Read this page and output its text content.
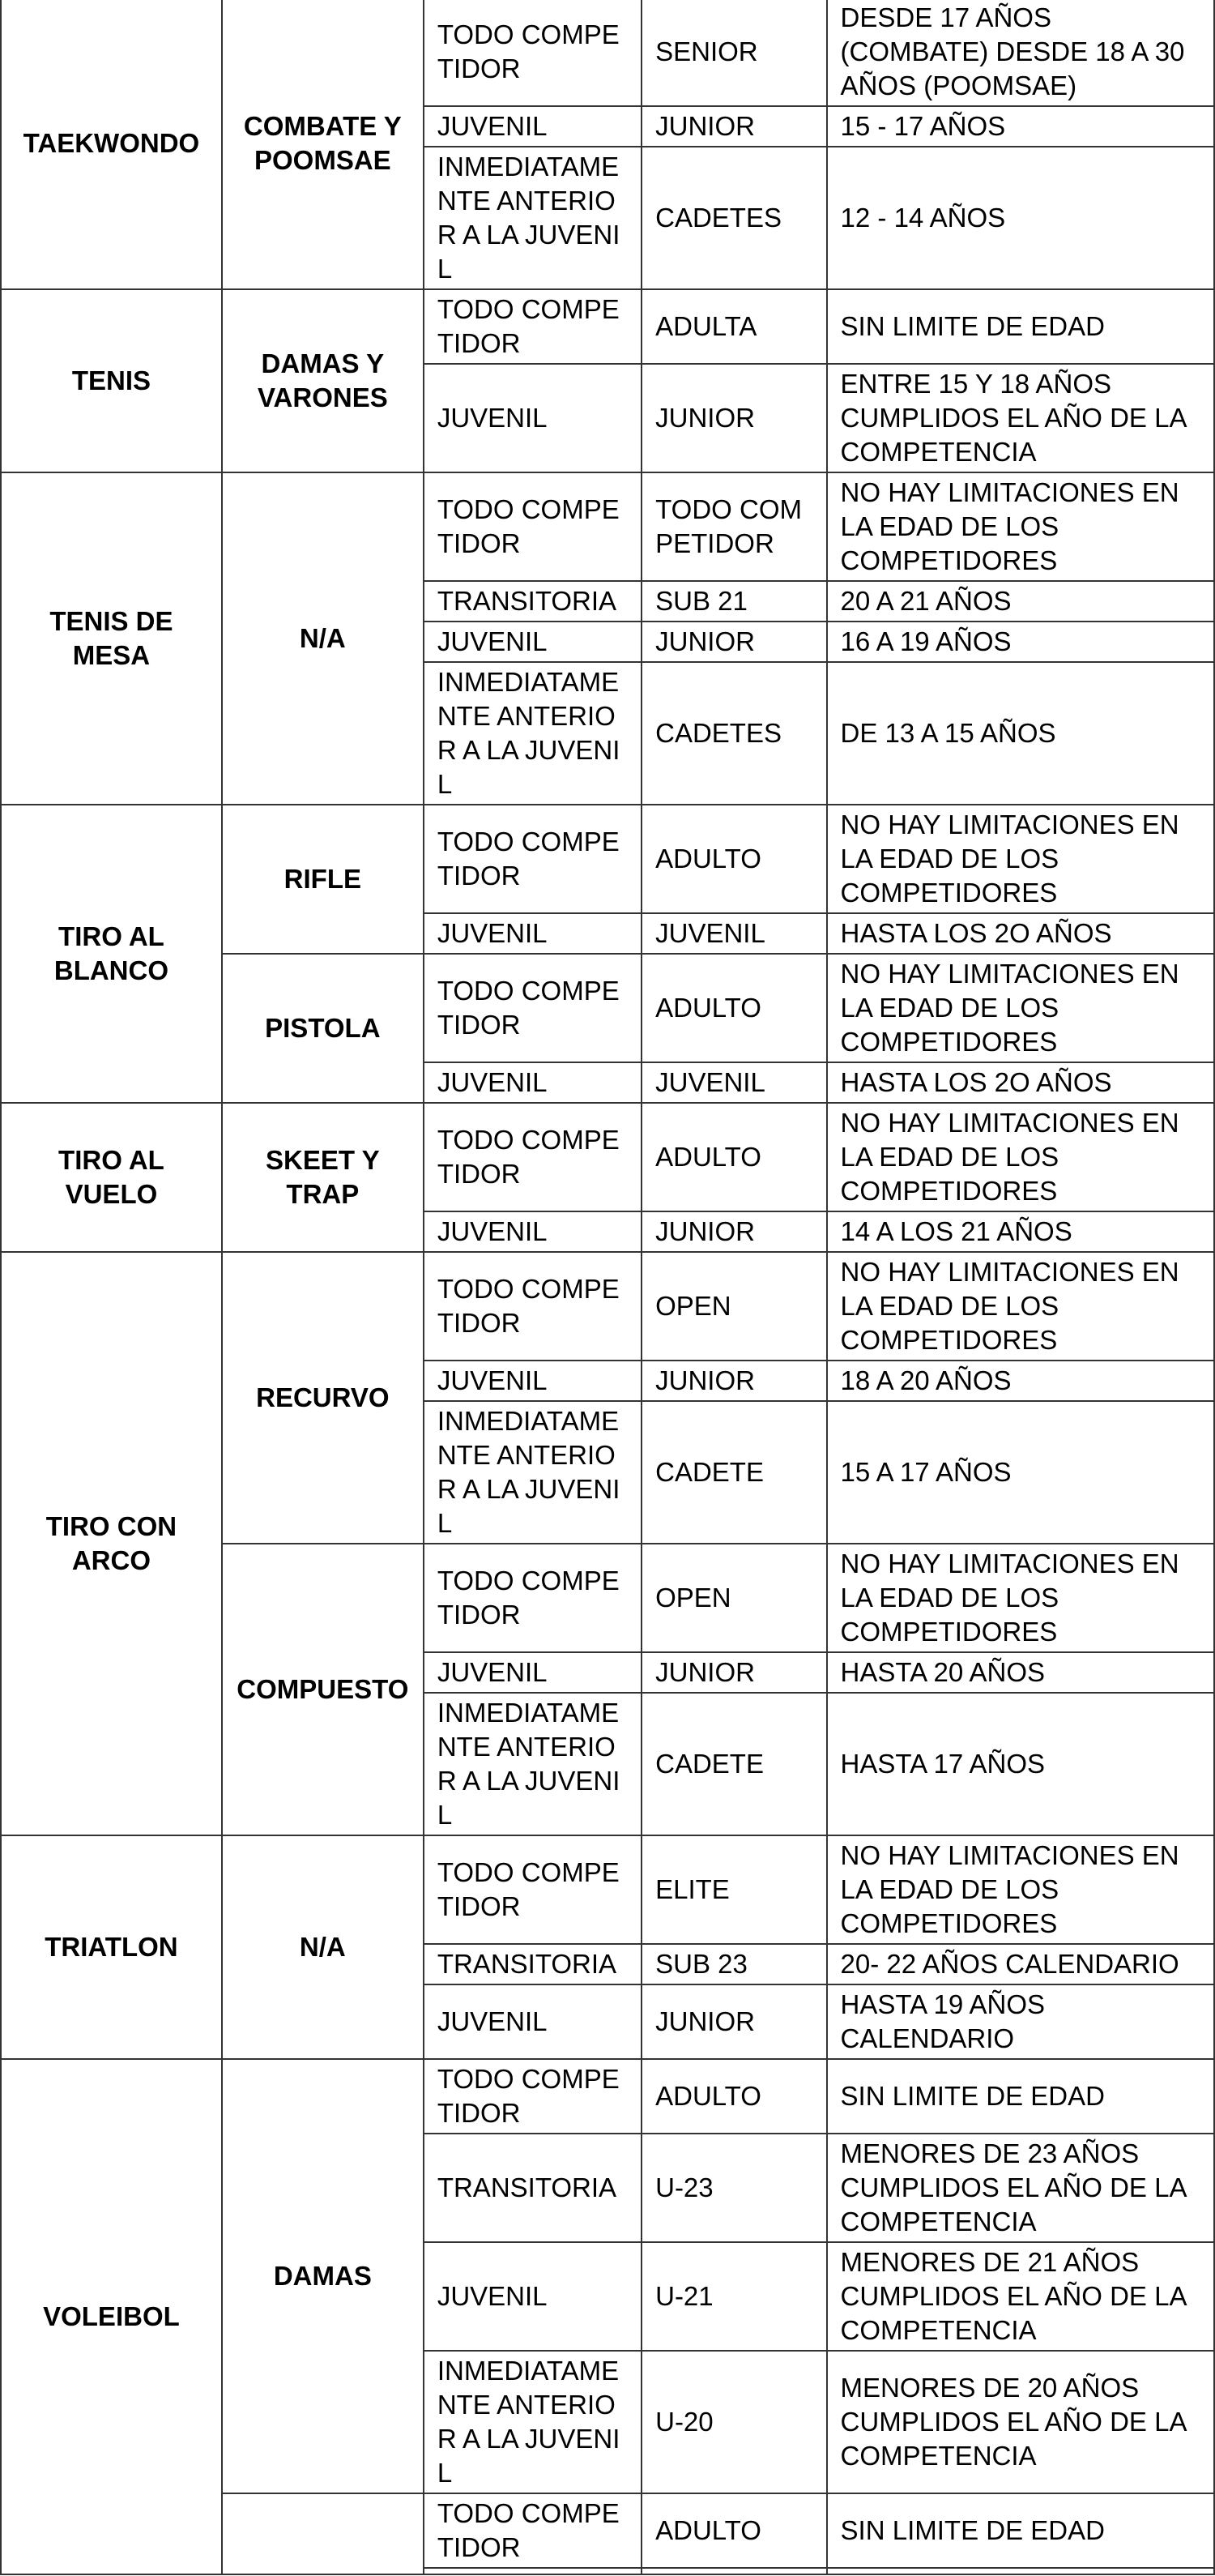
TAEKWONDO	COMBATE Y POOMSAE	TODO COMPETIDOR	SENIOR	DESDE 17 AÑOS (COMBATE) DESDE 18 A 30 AÑOS (POOMSAE)
		JUVENIL	JUNIOR	15 - 17 AÑOS
		INMEDIATAMENTE ANTERIOR A LA JUVENIL	CADETES	12 - 14 AÑOS
TENIS	DAMAS Y VARONES	TODO COMPETIDOR	ADULTA	SIN LIMITE DE EDAD
		JUVENIL	JUNIOR	ENTRE 15 Y 18 AÑOS CUMPLIDOS EL AÑO DE LA COMPETENCIA
TENIS DE MESA	N/A	TODO COMPETIDOR	TODO COMPETIDOR	NO HAY LIMITACIONES EN LA EDAD DE LOS COMPETIDORES
		TRANSITORIA	SUB 21	20 A 21 AÑOS
		JUVENIL	JUNIOR	16 A 19 AÑOS
		INMEDIATAMENTE ANTERIOR A LA JUVENIL	CADETES	DE 13 A 15 AÑOS
TIRO AL BLANCO	RIFLE	TODO COMPETIDOR	ADULTO	NO HAY LIMITACIONES EN LA EDAD DE LOS COMPETIDORES
		JUVENIL	JUVENIL	HASTA LOS 2O AÑOS
	PISTOLA	TODO COMPETIDOR	ADULTO	NO HAY LIMITACIONES EN LA EDAD DE LOS COMPETIDORES
		JUVENIL	JUVENIL	HASTA LOS 2O AÑOS
TIRO AL VUELO	SKEET Y TRAP	TODO COMPETIDOR	ADULTO	NO HAY LIMITACIONES EN LA EDAD DE LOS COMPETIDORES
		JUVENIL	JUNIOR	14 A LOS 21 AÑOS
TIRO CON ARCO	RECURVO	TODO COMPETIDOR	OPEN	NO HAY LIMITACIONES EN LA EDAD DE LOS COMPETIDORES
		JUVENIL	JUNIOR	18 A 20 AÑOS
		INMEDIATAMENTE ANTERIOR A LA JUVENIL	CADETE	15 A 17 AÑOS
	COMPUESTO	TODO COMPETIDOR	OPEN	NO HAY LIMITACIONES EN LA EDAD DE LOS COMPETIDORES
		JUVENIL	JUNIOR	HASTA 20 AÑOS
		INMEDIATAMENTE ANTERIOR A LA JUVENIL	CADETE	HASTA 17 AÑOS
TRIATLON	N/A	TODO COMPETIDOR	ELITE	NO HAY LIMITACIONES EN LA EDAD DE LOS COMPETIDORES
		TRANSITORIA	SUB 23	20- 22 AÑOS CALENDARIO
		JUVENIL	JUNIOR	HASTA 19 AÑOS CALENDARIO
VOLEIBOL	DAMAS	TODO COMPETIDOR	ADULTO	SIN LIMITE DE EDAD
		TRANSITORIA	U-23	MENORES DE 23 AÑOS CUMPLIDOS EL AÑO DE LA COMPETENCIA
		JUVENIL	U-21	MENORES DE 21 AÑOS CUMPLIDOS EL AÑO DE LA COMPETENCIA
		INMEDIATAMENTE ANTERIOR A LA JUVENIL	U-20	MENORES DE 20 AÑOS CUMPLIDOS EL AÑO DE LA COMPETENCIA
		TODO COMPETIDOR	ADULTO	SIN LIMITE DE EDAD
